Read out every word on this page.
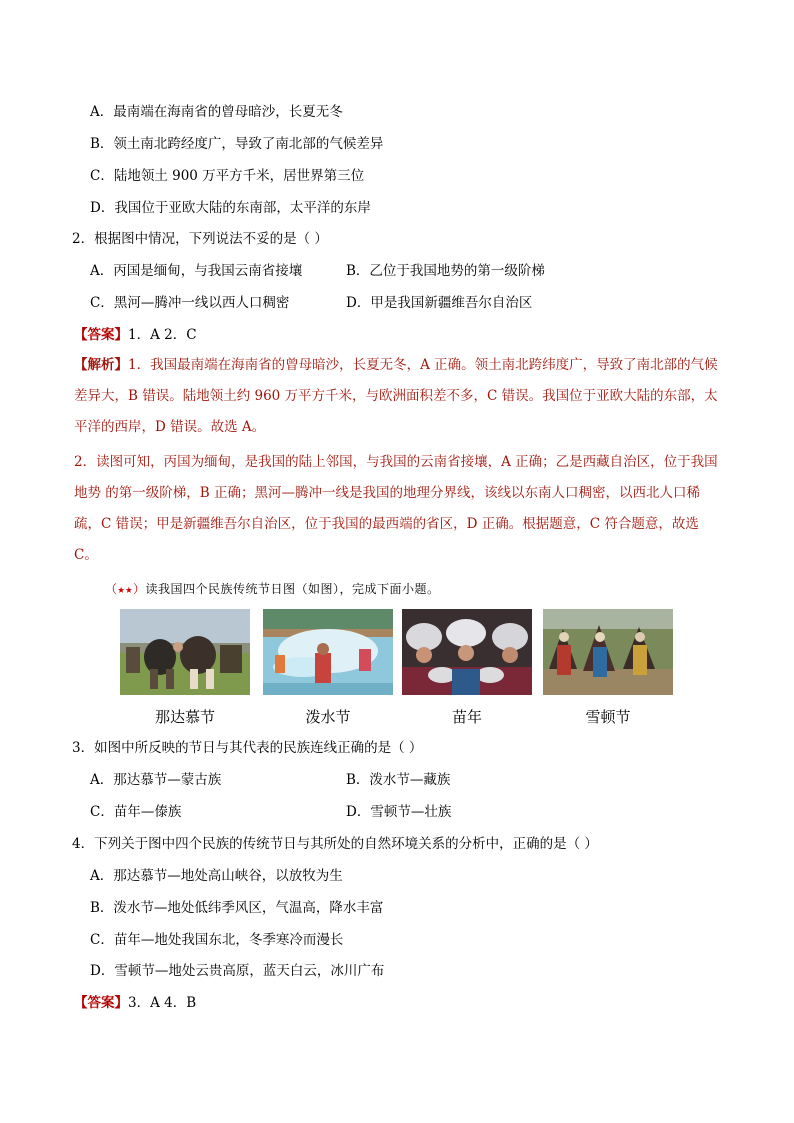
A．最南端在海南省的曾母暗沙，长夏无冬
B．领土南北跨经度广，导致了南北部的气候差异
C．陆地领土 900 万平方千米，居世界第三位
D．我国位于亚欧大陆的东南部，太平洋的东岸
2．根据图中情况，下列说法不妥的是（ ）
A．丙国是缅甸，与我国云南省接壤	B．乙位于我国地势的第一级阶梯
C．黑河—腾冲一线以西人口稠密	D．甲是我国新疆维吾尔自治区
【答案】1．A 2．C
【解析】1．我国最南端在海南省的曾母暗沙，长夏无冬，A 正确。领土南北跨纬度广，导致了南北部的气候差异大，B 错误。陆地领土约 960 万平方千米，与欧洲面积差不多，C 错误。我国位于亚欧大陆的东部，太平洋的西岸，D 错误。故选 A。
2．读图可知，丙国为缅甸，是我国的陆上邻国，与我国的云南省接壤，A 正确；乙是西藏自治区，位于我国地势 的第一级阶梯，B 正确；黑河—腾冲一线是我国的地理分界线，该线以东南人口稠密，以西北人口稀疏，C 错误；甲是新疆维吾尔自治区，位于我国的最西端的省区，D 正确。根据题意，C 符合题意，故选 C。
（★★）读我国四个民族传统节日图（如图），完成下面小题。
那达慕节	泼水节	苗年	雪顿节
3．如图中所反映的节日与其代表的民族连线正确的是（ ）
A．那达慕节—蒙古族	B．泼水节—藏族
C．苗年—傣族	D．雪顿节—壮族
4．下列关于图中四个民族的传统节日与其所处的自然环境关系的分析中，正确的是（ ）
A．那达慕节—地处高山峡谷，以放牧为生
B．泼水节—地处低纬季风区，气温高，降水丰富
C．苗年—地处我国东北，冬季寒冷而漫长
D．雪顿节—地处云贵高原，蓝天白云，冰川广布
【答案】3．A 4．B
